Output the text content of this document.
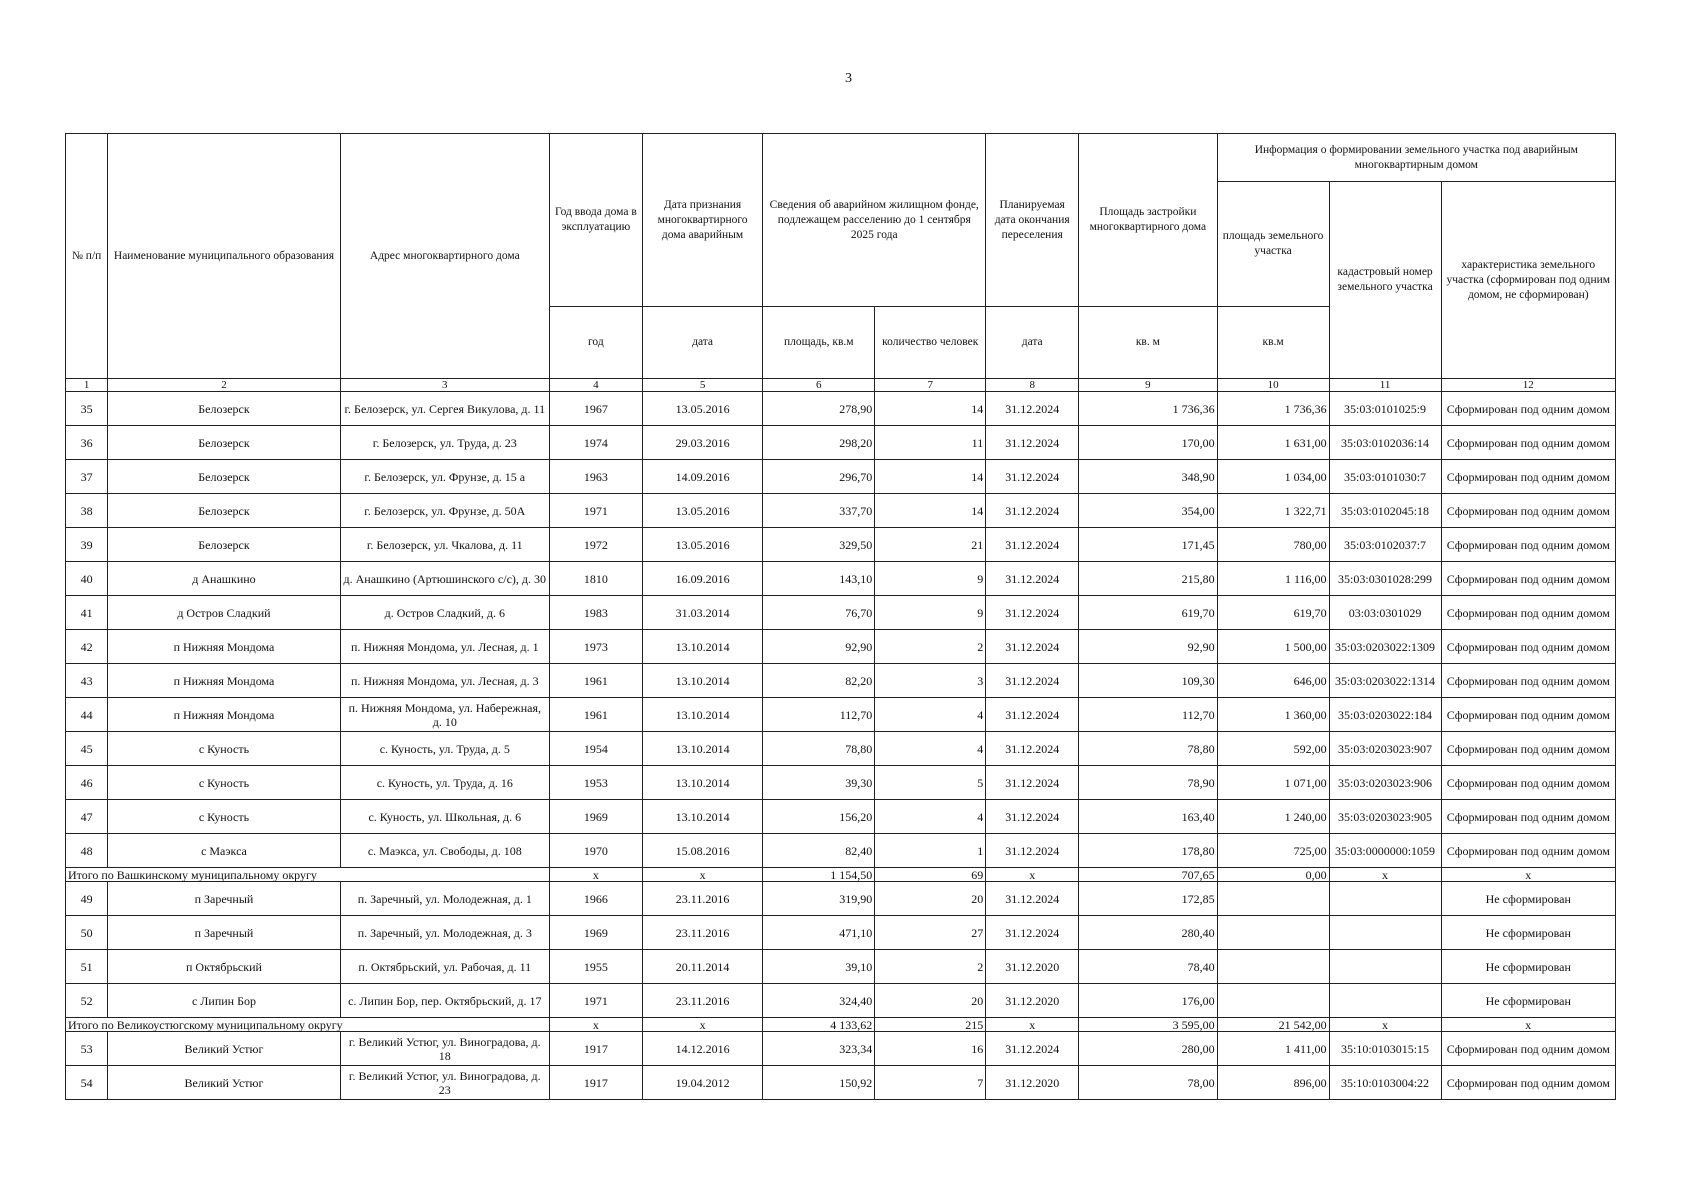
3
№ п/п	Наименование муниципального образования	Адрес многоквартирного дома	Год ввода дома в эксплуатацию	Дата признания многоквартирного дома аварийным	Сведения об аварийном жилищном фонде, подлежащем расселению до 1 сентября 2025 года		Планируемая дата окончания переселения	Площадь застройки многоквартирного дома	Информация о формировании земельного участка под аварийным многоквартирным домом		
									площадь земельного участка	кадастровый номер земельного участка	характеристика земельного участка (сформирован под одним домом, не сформирован)
			год	дата	площадь, кв.м	количество человек	дата	кв. м	кв.м		
1	2	3	4	5	6	7	8	9	10	11	12
35	Белозерск	г. Белозерск, ул. Сергея Викулова, д. 11	1967	13.05.2016	278,90	14	31.12.2024	1 736,36	1 736,36	35:03:0101025:9	Сформирован под одним домом
36	Белозерск	г. Белозерск, ул. Труда, д. 23	1974	29.03.2016	298,20	11	31.12.2024	170,00	1 631,00	35:03:0102036:14	Сформирован под одним домом
37	Белозерск	г. Белозерск, ул. Фрунзе, д. 15 а	1963	14.09.2016	296,70	14	31.12.2024	348,90	1 034,00	35:03:0101030:7	Сформирован под одним домом
38	Белозерск	г. Белозерск, ул. Фрунзе, д. 50А	1971	13.05.2016	337,70	14	31.12.2024	354,00	1 322,71	35:03:0102045:18	Сформирован под одним домом
39	Белозерск	г. Белозерск, ул. Чкалова, д. 11	1972	13.05.2016	329,50	21	31.12.2024	171,45	780,00	35:03:0102037:7	Сформирован под одним домом
40	д Анашкино	д. Анашкино (Артюшинского с/с), д. 30	1810	16.09.2016	143,10	9	31.12.2024	215,80	1 116,00	35:03:0301028:299	Сформирован под одним домом
41	д Остров Сладкий	д. Остров Сладкий, д. 6	1983	31.03.2014	76,70	9	31.12.2024	619,70	619,70	03:03:0301029	Сформирован под одним домом
42	п Нижняя Мондома	п. Нижняя Мондома, ул. Лесная, д. 1	1973	13.10.2014	92,90	2	31.12.2024	92,90	1 500,00	35:03:0203022:1309	Сформирован под одним домом
43	п Нижняя Мондома	п. Нижняя Мондома, ул. Лесная, д. 3	1961	13.10.2014	82,20	3	31.12.2024	109,30	646,00	35:03:0203022:1314	Сформирован под одним домом
44	п Нижняя Мондома	п. Нижняя Мондома, ул. Набережная, д. 10	1961	13.10.2014	112,70	4	31.12.2024	112,70	1 360,00	35:03:0203022:184	Сформирован под одним домом
45	с Куность	с. Куность, ул. Труда, д. 5	1954	13.10.2014	78,80	4	31.12.2024	78,80	592,00	35:03:0203023:907	Сформирован под одним домом
46	с Куность	с. Куность, ул. Труда, д. 16	1953	13.10.2014	39,30	5	31.12.2024	78,90	1 071,00	35:03:0203023:906	Сформирован под одним домом
47	с Куность	с. Куность, ул. Школьная, д. 6	1969	13.10.2014	156,20	4	31.12.2024	163,40	1 240,00	35:03:0203023:905	Сформирован под одним домом
48	с Маэкса	с. Маэкса, ул. Свободы, д. 108	1970	15.08.2016	82,40	1	31.12.2024	178,80	725,00	35:03:0000000:1059	Сформирован под одним домом
Итого по Вашкинскому муниципальному округу			x	x	1 154,50	69	x	707,65	0,00	x	x
49	п Заречный	п. Заречный, ул. Молодежная, д. 1	1966	23.11.2016	319,90	20	31.12.2024	172,85			Не сформирован
50	п Заречный	п. Заречный, ул. Молодежная, д. 3	1969	23.11.2016	471,10	27	31.12.2024	280,40			Не сформирован
51	п Октябрьский	п. Октябрьский, ул. Рабочая, д. 11	1955	20.11.2014	39,10	2	31.12.2020	78,40			Не сформирован
52	с Липин Бор	с. Липин Бор, пер. Октябрьский, д. 17	1971	23.11.2016	324,40	20	31.12.2020	176,00			Не сформирован
Итого по Великоустюгскому муниципальному округу			x	x	4 133,62	215	x	3 595,00	21 542,00	x	x
53	Великий Устюг	г. Великий Устюг, ул. Виноградова, д. 18	1917	14.12.2016	323,34	16	31.12.2024	280,00	1 411,00	35:10:0103015:15	Сформирован под одним домом
54	Великий Устюг	г. Великий Устюг, ул. Виноградова, д. 23	1917	19.04.2012	150,92	7	31.12.2020	78,00	896,00	35:10:0103004:22	Сформирован под одним домом
